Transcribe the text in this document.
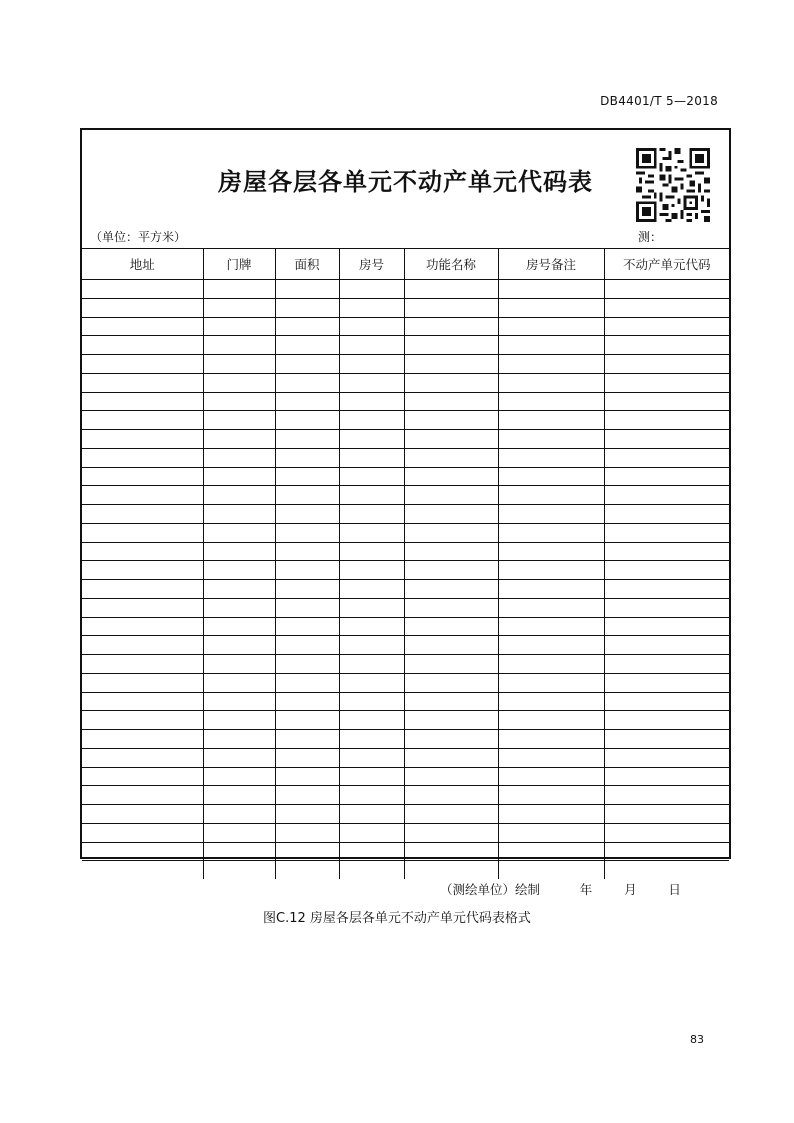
DB4401/T 5—2018
房屋各层各单元不动产单元代码表
（单位：平方米）	测：
地址	门牌	面积	房号	功能名称	房号备注	不动产单元代码

（测绘单位）绘制	年	月	日
图C.12 房屋各层各单元不动产单元代码表格式
83
